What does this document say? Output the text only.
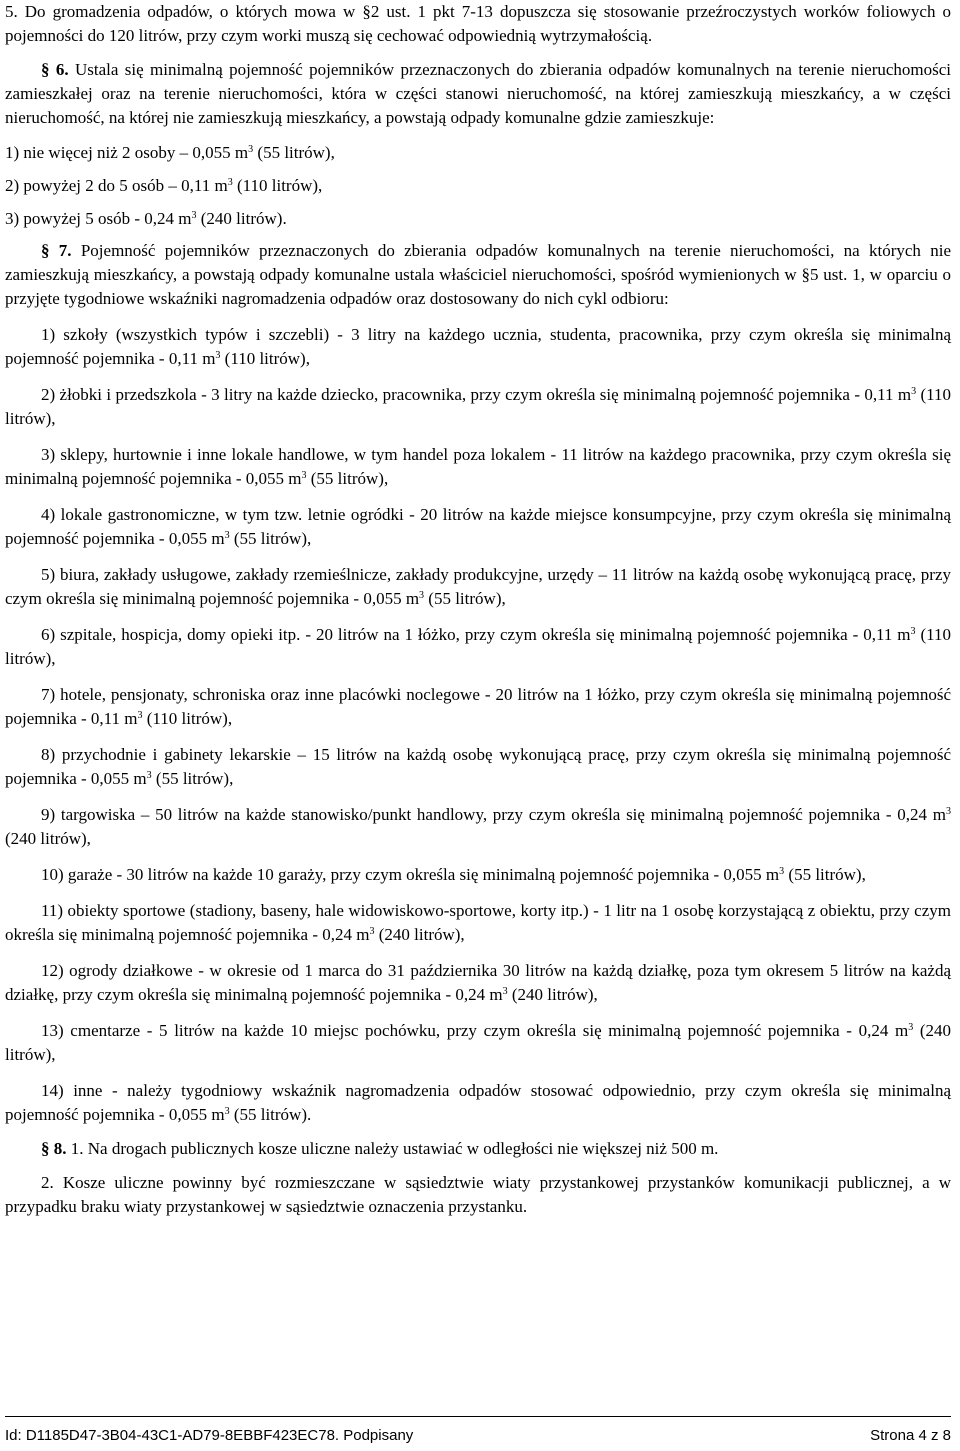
5. Do gromadzenia odpadów, o których mowa w §2 ust. 1 pkt 7-13 dopuszcza się stosowanie przeźroczystych worków foliowych o pojemności do 120 litrów, przy czym worki muszą się cechować odpowiednią wytrzymałością.

§ 6. Ustala się minimalną pojemność pojemników przeznaczonych do zbierania odpadów komunalnych na terenie nieruchomości zamieszkałej oraz na terenie nieruchomości, która w części stanowi nieruchomość, na której zamieszkują mieszkańcy, a w części nieruchomość, na której nie zamieszkują mieszkańcy, a powstają odpady komunalne gdzie zamieszkuje:

1) nie więcej niż 2 osoby – 0,055 $m^3$ (55 litrów),

2) powyżej 2 do 5 osób – 0,11 $m^3$ (110 litrów),

3) powyżej 5 osób - 0,24 $m^3$ (240 litrów).

§ 7. Pojemność pojemników przeznaczonych do zbierania odpadów komunalnych na terenie nieruchomości, na których nie zamieszkują mieszkańcy, a powstają odpady komunalne ustala właściciel nieruchomości, spośród wymienionych w §5 ust. 1, w oparciu o przyjęte tygodniowe wskaźniki nagromadzenia odpadów oraz dostosowany do nich cykl odbioru:

1) szkoły (wszystkich typów i szczebli) - 3 litry na każdego ucznia, studenta, pracownika, przy czym określa się minimalną pojemność pojemnika - 0,11 $m^3$ (110 litrów),

2) żłobki i przedszkola - 3 litry na każde dziecko, pracownika, przy czym określa się minimalną pojemność pojemnika - 0,11 $m^3$ (110 litrów),

3) sklepy, hurtownie i inne lokale handlowe, w tym handel poza lokalem - 11 litrów na każdego pracownika, przy czym określa się minimalną pojemność pojemnika - 0,055 $m^3$ (55 litrów),

4) lokale gastronomiczne, w tym tzw. letnie ogródki - 20 litrów na każde miejsce konsumpcyjne, przy czym określa się minimalną pojemność pojemnika - 0,055 $m^3$ (55 litrów),

5) biura, zakłady usługowe, zakłady rzemieślnicze, zakłady produkcyjne, urzędy – 11 litrów na każdą osobę wykonującą pracę, przy czym określa się minimalną pojemność pojemnika - 0,055 $m^3$ (55 litrów),

6) szpitale, hospicja, domy opieki itp. - 20 litrów na 1 łóżko, przy czym określa się minimalną pojemność pojemnika - 0,11 $m^3$ (110 litrów),

7) hotele, pensjonaty, schroniska oraz inne placówki noclegowe - 20 litrów na 1 łóżko, przy czym określa się minimalną pojemność pojemnika - 0,11 $m^3$ (110 litrów),

8) przychodnie i gabinety lekarskie – 15 litrów na każdą osobę wykonującą pracę, przy czym określa się minimalną pojemność pojemnika - 0,055 $m^3$ (55 litrów),

9) targowiska – 50 litrów na każde stanowisko/punkt handlowy, przy czym określa się minimalną pojemność pojemnika - 0,24 $m^3$ (240 litrów),

10) garaże - 30 litrów na każde 10 garaży, przy czym określa się minimalną pojemność pojemnika - 0,055 $m^3$ (55 litrów),

11) obiekty sportowe (stadiony, baseny, hale widowiskowo-sportowe, korty itp.) - 1 litr na 1 osobę korzystającą z obiektu, przy czym określa się minimalną pojemność pojemnika - 0,24 $m^3$ (240 litrów),

12) ogrody działkowe - w okresie od 1 marca do 31 października 30 litrów na każdą działkę, poza tym okresem 5 litrów na każdą działkę, przy czym określa się minimalną pojemność pojemnika - 0,24 $m^3$ (240 litrów),

13) cmentarze - 5 litrów na każde 10 miejsc pochówku, przy czym określa się minimalną pojemność pojemnika - 0,24 $m^3$ (240 litrów),

14) inne - należy tygodniowy wskaźnik nagromadzenia odpadów stosować odpowiednio, przy czym określa się minimalną pojemność pojemnika - 0,055 $m^3$ (55 litrów).

§ 8. 1. Na drogach publicznych kosze uliczne należy ustawiać w odległości nie większej niż 500 m.

2. Kosze uliczne powinny być rozmieszczane w sąsiedztwie wiaty przystankowej przystanków komunikacji publicznej, a w przypadku braku wiaty przystankowej w sąsiedztwie oznaczenia przystanku.

Id: D1185D47-3B04-43C1-AD79-8EBBF423EC78. Podpisany	Strona 4 z 8
